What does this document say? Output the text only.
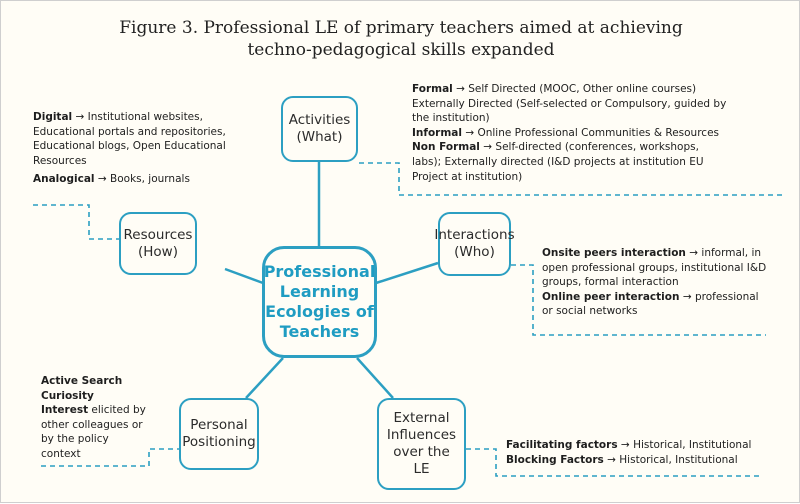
Figure 3. Professional LE of primary teachers aimed at achieving
techno-pedagogical skills expanded
Professional
Learning
Ecologies of
Teachers
Activities
(What)
Resources
(How)
Interactions
(Who)
Personal
Positioning
External
Influences
over the
LE

Digital → Institutional websites, Educational portals and repositories, Educational blogs, Open Educational Resources

Analogical → Books, journals

Formal → Self Directed (MOOC, Other online courses) Externally Directed (Self-selected or Compulsory, guided by the institution)

Informal → Online Professional Communities & Resources

Non Formal → Self-directed (conferences, workshops, labs); Externally directed (I&D projects at institution EU Project at institution)

Onsite peers interaction → informal, in open professional groups, institutional I&D groups, formal interaction

Online peer interaction → professional or social networks

Active Search

Curiosity

Interest elicited by other colleagues or by the policy context

Facilitating factors → Historical, Institutional

Blocking Factors → Historical, Institutional
